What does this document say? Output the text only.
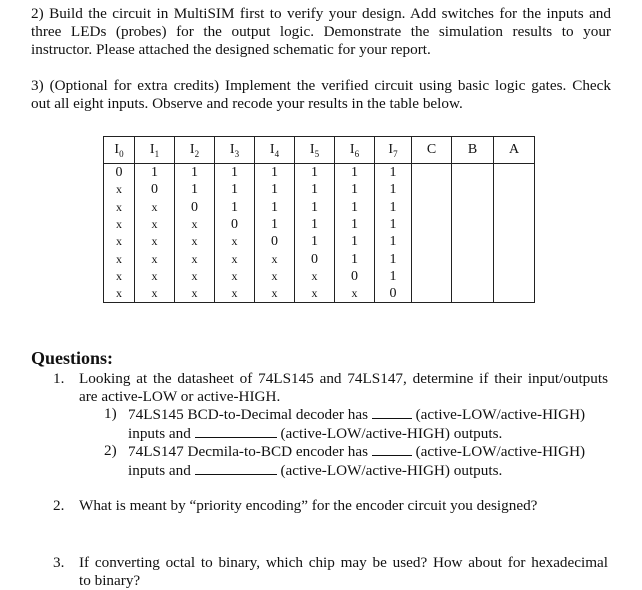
2) Build the circuit in MultiSIM first to verify your design. Add switches for the inputs and
three LEDs (probes) for the output logic. Demonstrate the simulation results to your
instructor. Please attached the designed schematic for your report.
3) (Optional for extra credits) Implement the verified circuit using basic logic gates. Check
out all eight inputs. Observe and recode your results in the table below.
$I_0$	$I_1$	$I_2$	$I_3$	$I_4$	$I_5$	$I_6$	$I_7$	C	B	A
0	1	1	1	1	1	1	1			
x	0	1	1	1	1	1	1			
x	x	0	1	1	1	1	1			
x	x	x	0	1	1	1	1			
x	x	x	x	0	1	1	1			
x	x	x	x	x	0	1	1			
x	x	x	x	x	x	0	1			
x	x	x	x	x	x	x	0			
Questions:
1. Looking at the datasheet of 74LS145 and 74LS147, determine if their input/outputs
are active-LOW or active-HIGH.
1) 74LS145 BCD-to-Decimal decoder has	(active-LOW/active-HIGH)
inputs and	(active-LOW/active-HIGH) outputs.
2) 74LS147 Decmila-to-BCD encoder has	(active-LOW/active-HIGH)
inputs and	(active-LOW/active-HIGH) outputs.
2. What is meant by “priority encoding” for the encoder circuit you designed?
3. If converting octal to binary, which chip may be used? How about for hexadecimal
to binary?
